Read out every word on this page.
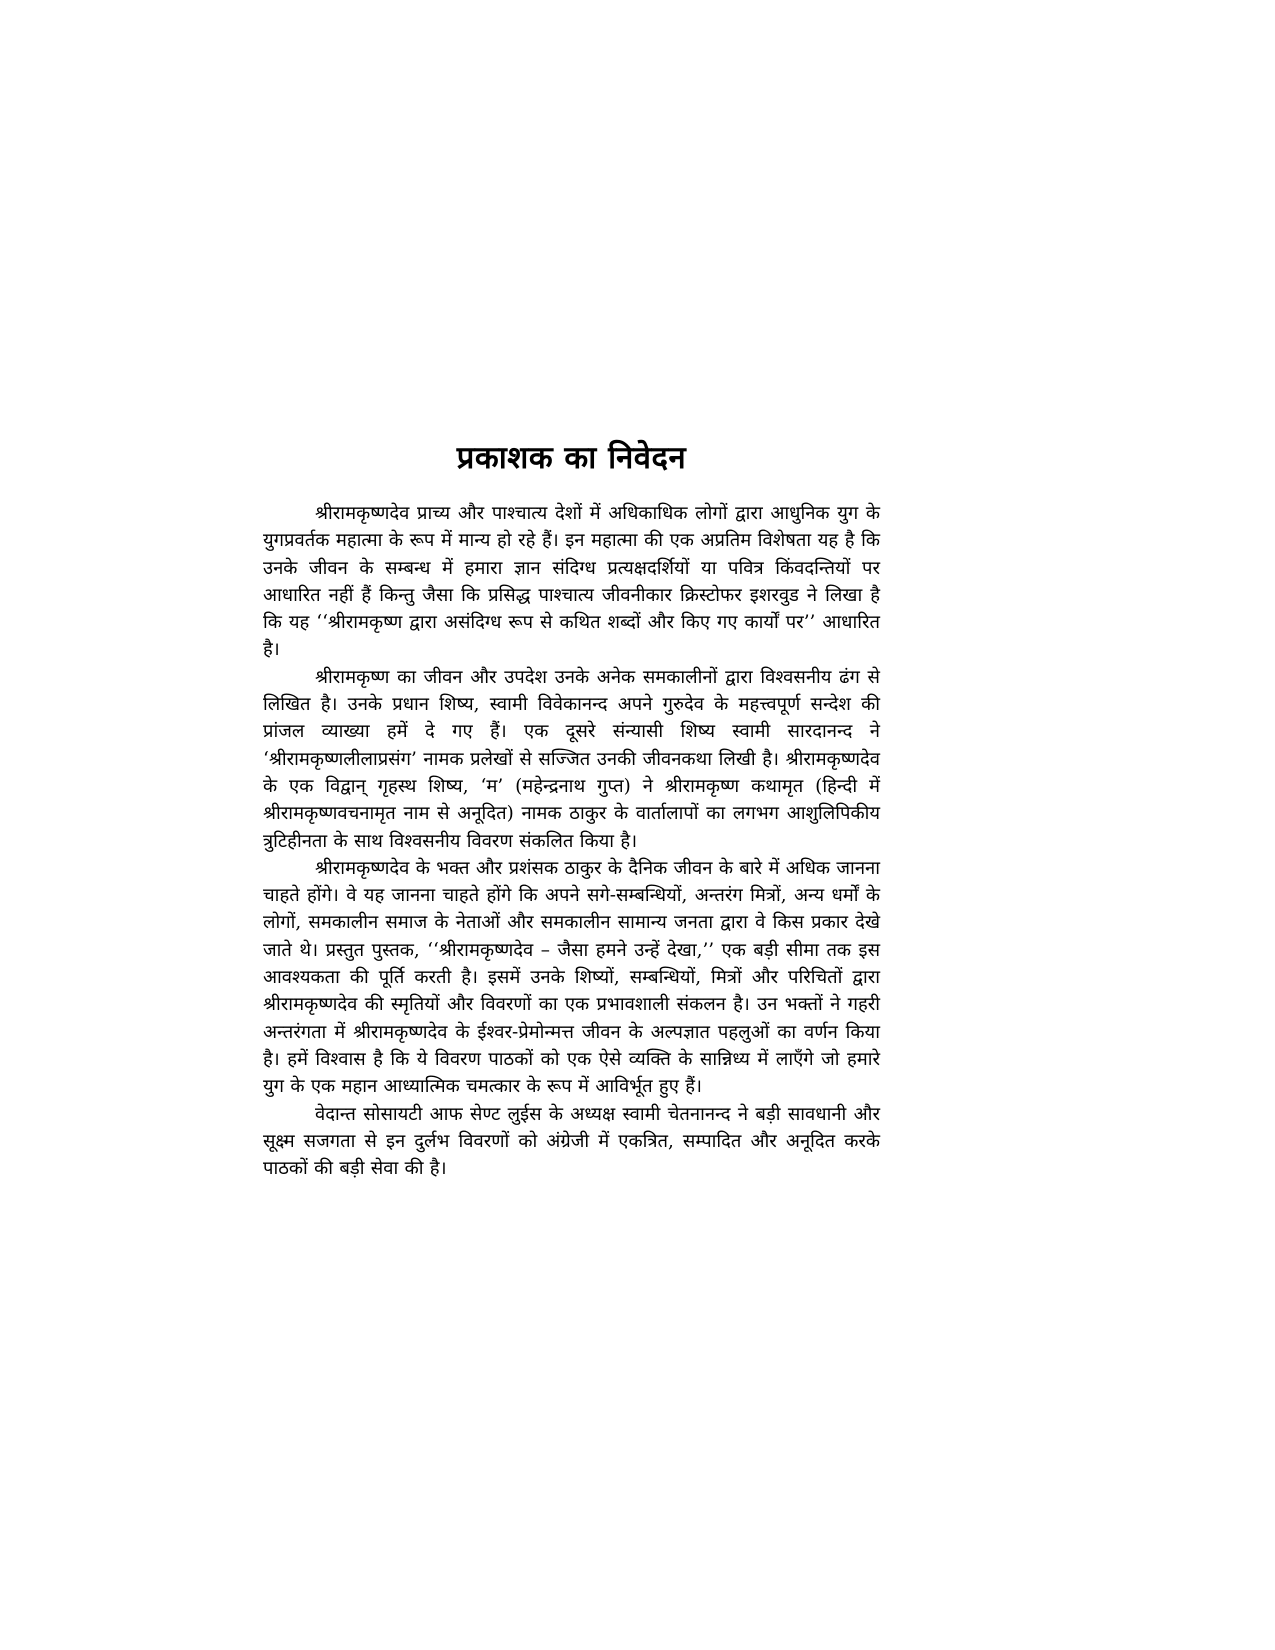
प्रकाशक का निवेदन

श्रीरामकृष्णदेव प्राच्य और पाश्चात्य देशों में अधिकाधिक लोगों द्वारा आधुनिक युग के युगप्रवर्तक महात्मा के रूप में मान्य हो रहे हैं। इन महात्मा की एक अप्रतिम विशेषता यह है कि उनके जीवन के सम्बन्ध में हमारा ज्ञान संदिग्ध प्रत्यक्षदर्शियों या पवित्र किंवदन्तियों पर आधारित नहीं हैं किन्तु जैसा कि प्रसिद्ध पाश्चात्य जीवनीकार क्रिस्टोफर इशरवुड ने लिखा है कि यह ‘‘श्रीरामकृष्ण द्वारा असंदिग्ध रूप से कथित शब्दों और किए गए कार्यों पर’’ आधारित है।

श्रीरामकृष्ण का जीवन और उपदेश उनके अनेक समकालीनों द्वारा विश्वसनीय ढंग से लिखित है। उनके प्रधान शिष्य, स्वामी विवेकानन्द अपने गुरुदेव के महत्त्वपूर्ण सन्देश की प्रांजल व्याख्या हमें दे गए हैं। एक दूसरे संन्यासी शिष्य स्वामी सारदानन्द ने ‘श्रीरामकृष्णलीलाप्रसंग’ नामक प्रलेखों से सज्जित उनकी जीवनकथा लिखी है। श्रीरामकृष्णदेव के एक विद्वान् गृहस्थ शिष्य, ‘म’ (महेन्द्रनाथ गुप्त) ने श्रीरामकृष्ण कथामृत (हिन्दी में श्रीरामकृष्णवचनामृत नाम से अनूदित) नामक ठाकुर के वार्तालापों का लगभग आशुलिपिकीय त्रुटिहीनता के साथ विश्वसनीय विवरण संकलित किया है।

श्रीरामकृष्णदेव के भक्त और प्रशंसक ठाकुर के दैनिक जीवन के बारे में अधिक जानना चाहते होंगे। वे यह जानना चाहते होंगे कि अपने सगे-सम्बन्धियों, अन्तरंग मित्रों, अन्य धर्मों के लोगों, समकालीन समाज के नेताओं और समकालीन सामान्य जनता द्वारा वे किस प्रकार देखे जाते थे। प्रस्तुत पुस्तक, ‘‘श्रीरामकृष्णदेव – जैसा हमने उन्हें देखा,’’ एक बड़ी सीमा तक इस आवश्यकता की पूर्ति करती है। इसमें उनके शिष्यों, सम्बन्धियों, मित्रों और परिचितों द्वारा श्रीरामकृष्णदेव की स्मृतियों और विवरणों का एक प्रभावशाली संकलन है। उन भक्तों ने गहरी अन्तरंगता में श्रीरामकृष्णदेव के ईश्वर-प्रेमोन्मत्त जीवन के अल्पज्ञात पहलुओं का वर्णन किया है। हमें विश्वास है कि ये विवरण पाठकों को एक ऐसे व्यक्ति के सान्निध्य में लाएँगे जो हमारे युग के एक महान आध्यात्मिक चमत्कार के रूप में आविर्भूत हुए हैं।

वेदान्त सोसायटी आफ सेण्ट लुईस के अध्यक्ष स्वामी चेतनानन्द ने बड़ी सावधानी और सूक्ष्म सजगता से इन दुर्लभ विवरणों को अंग्रेजी में एकत्रित, सम्पादित और अनूदित करके पाठकों की बड़ी सेवा की है।
